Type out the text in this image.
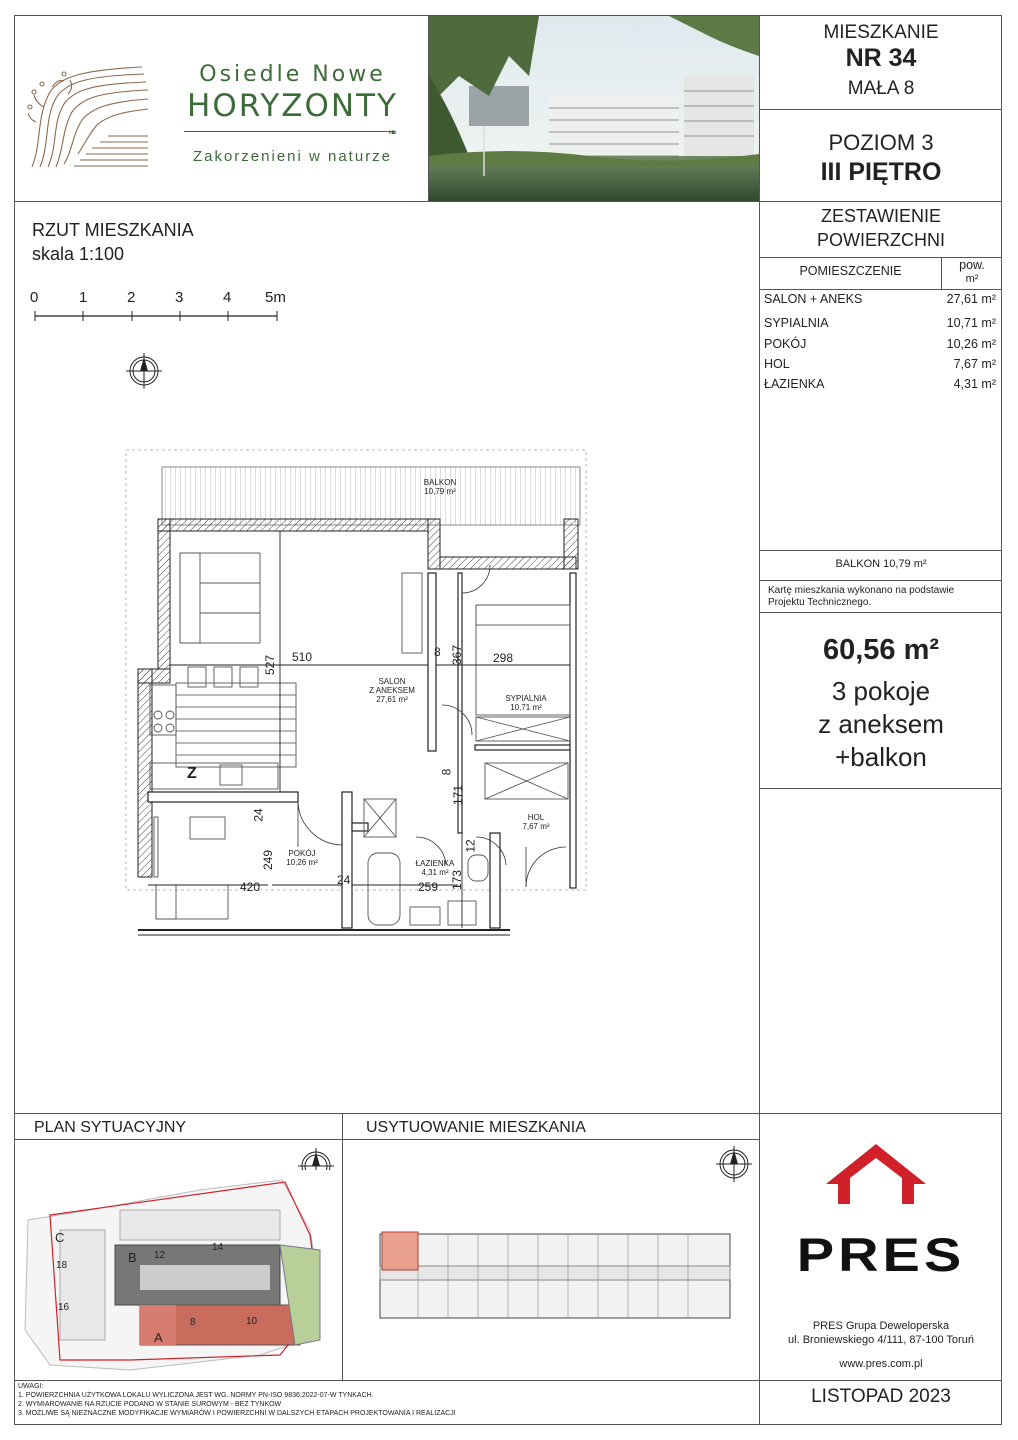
Osiedle Nowe
HORYZONTY
❧
Zakorzenieni w naturze
MIESZKANIE
NR 34
MAŁA 8
POZIOM 3
III PIĘTRO
ZESTAWIENIE
POWIERZCHNI
POMIESZCZENIE	pow.
m²
SALON + ANEKS	27,61 m²
SYPIALNIA	10,71 m²
POKÓJ	10,26 m²
HOL	7,67 m²
ŁAZIENKA	4,31 m²
BALKON 10,79 m²
Kartę mieszkania wykonano na podstawie Projektu Technicznego.
60,56 m²
3 pokoje
z aneksem
+balkon
RZUT MIESZKANIA
skala 1:100
0	1	2	3	4 5m
BALKON
10,79 m²
SALON
Z ANEKSEM
27,61 m²	SYPIALNIA
10,71 m²
POKÓJ
10,26 m²
HOL
7,67 m²
ŁAZIENKA
4,31 m²
Z
510
527
8 367 298
8
171
24
249
420	24	259 173
12
PLAN SYTUACYJNY
C
18
16
B 12
14
8	10
A
USYTUOWANIE MIESZKANIA
PRES
PRES Grupa Deweloperska
ul. Broniewskiego 4/111, 87-100 Toruń
www.pres.com.pl
LISTOPAD 2023
UWAGI:
1. POWIERZCHNIA UŻYTKOWA LOKALU WYLICZONA JEST WG. NORMY PN-ISO 9836:2022-07-W TYNKACH.
2. WYMIAROWANIE NA RZUCIE PODANO W STANIE SUROWYM - BEZ TYNKÓW
3. MOŻLIWE SĄ NIEZNACZNE MODYFIKACJE WYMIARÓW I POWIERZCHNI W DALSZYCH ETAPACH PROJEKTOWANIA I REALIZACJI
